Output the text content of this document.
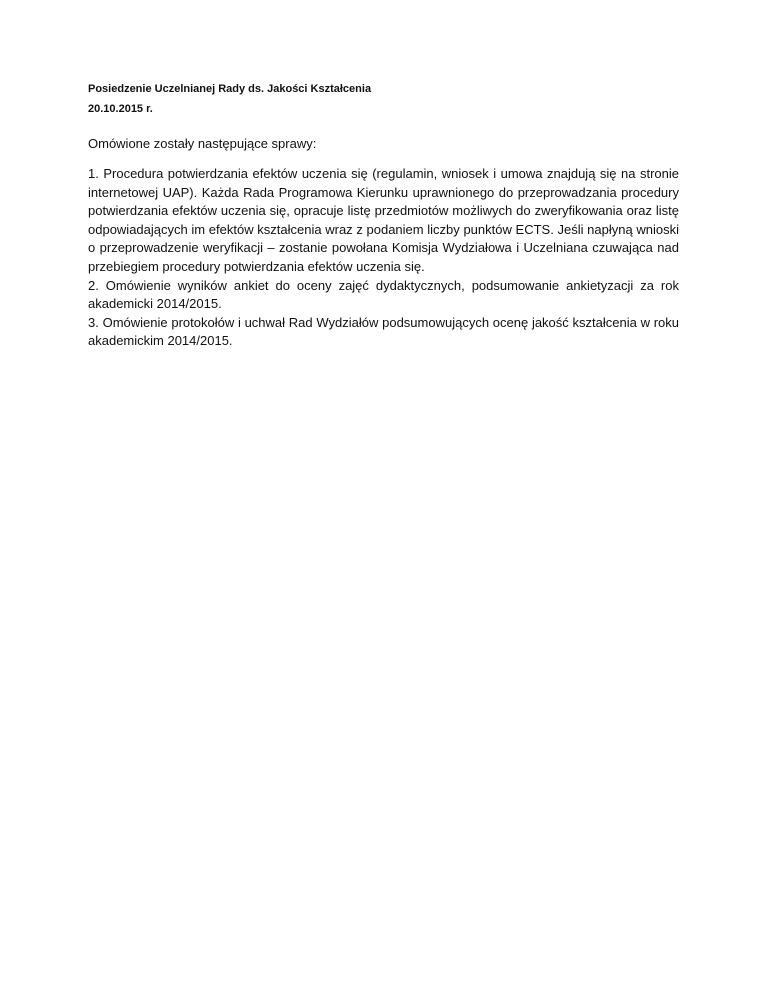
Posiedzenie Uczelnianej Rady ds. Jakości Kształcenia

20.10.2015 r.

Omówione zostały następujące sprawy:

1. Procedura potwierdzania efektów uczenia się (regulamin, wniosek i umowa znajdują się na stronie internetowej UAP). Każda Rada Programowa Kierunku uprawnionego do przeprowadzania procedury potwierdzania efektów uczenia się, opracuje listę przedmiotów możliwych do zweryfikowania oraz listę odpowiadających im efektów kształcenia wraz z podaniem liczby punktów ECTS. Jeśli napłyną wnioski o przeprowadzenie weryfikacji – zostanie powołana Komisja Wydziałowa i Uczelniana czuwająca nad przebiegiem procedury potwierdzania efektów uczenia się.
2. Omówienie wyników ankiet do oceny zajęć dydaktycznych, podsumowanie ankietyzacji za rok akademicki 2014/2015.
3. Omówienie protokołów i uchwał Rad Wydziałów podsumowujących ocenę jakość kształcenia w roku akademickim 2014/2015.
